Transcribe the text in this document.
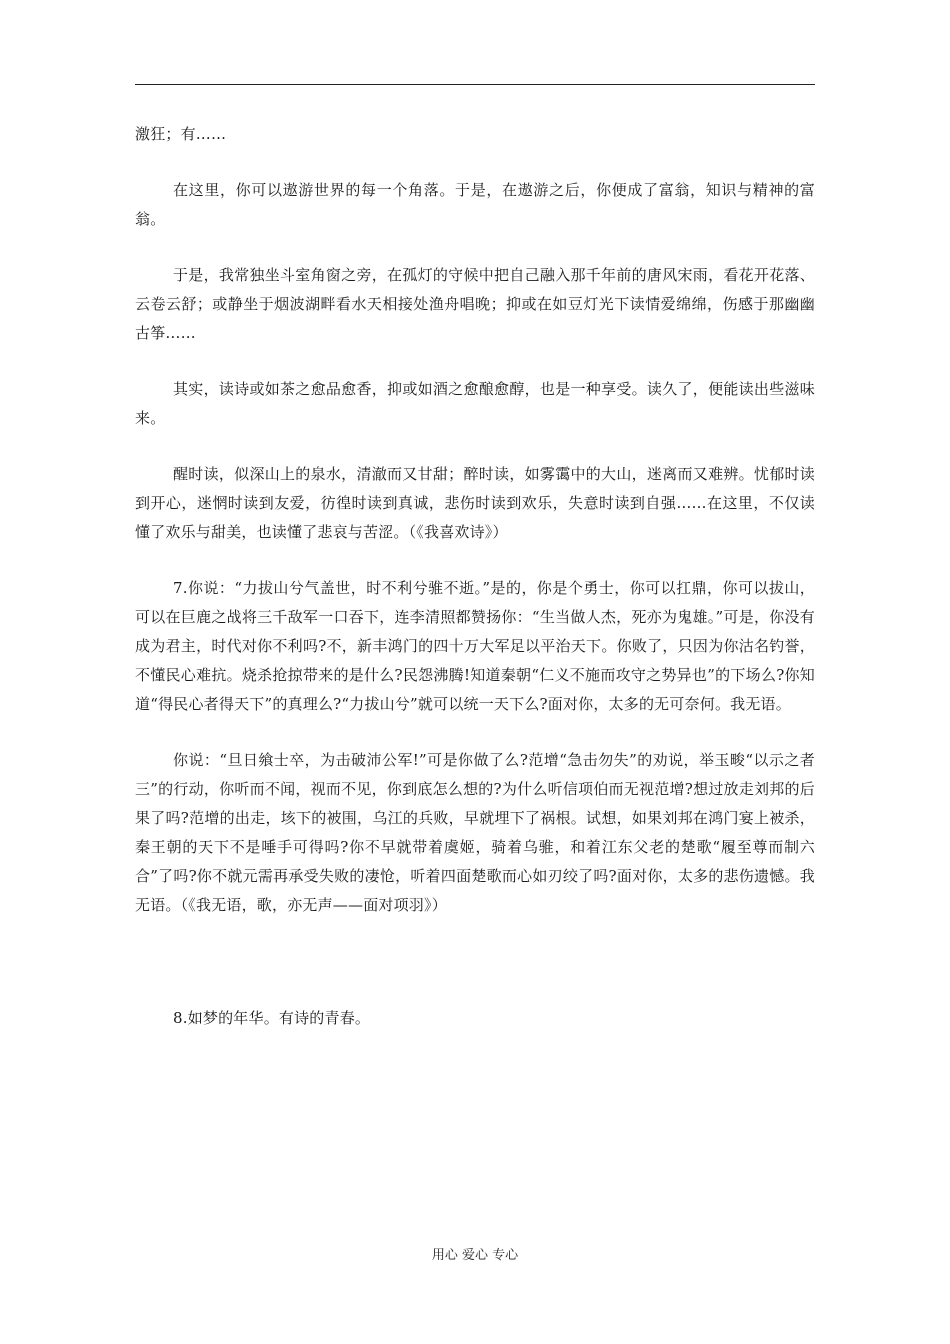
激狂；有……

在这里，你可以遨游世界的每一个角落。于是，在遨游之后，你便成了富翁，知识与精神的富翁。

于是，我常独坐斗室角窗之旁，在孤灯的守候中把自己融入那千年前的唐风宋雨，看花开花落、云卷云舒；或静坐于烟波湖畔看水天相接处渔舟唱晚；抑或在如豆灯光下读情爱绵绵，伤感于那幽幽古筝……

其实，读诗或如茶之愈品愈香，抑或如酒之愈酿愈醇，也是一种享受。读久了，便能读出些滋味来。

醒时读，似深山上的泉水，清澈而又甘甜；醉时读，如雾霭中的大山，迷离而又难辨。忧郁时读到开心，迷惘时读到友爱，彷徨时读到真诚，悲伤时读到欢乐，失意时读到自强……在这里，不仅读懂了欢乐与甜美，也读懂了悲哀与苦涩。（《我喜欢诗》）

7.你说：“力拔山兮气盖世，时不利兮骓不逝。”是的，你是个勇士，你可以扛鼎，你可以拔山，可以在巨鹿之战将三千敌军一口吞下，连李清照都赞扬你：“生当做人杰，死亦为鬼雄。”可是，你没有成为君主，时代对你不利吗?不，新丰鸿门的四十万大军足以平治天下。你败了，只因为你沽名钓誉，不懂民心难抗。烧杀抢掠带来的是什么?民怨沸腾!知道秦朝“仁义不施而攻守之势异也”的下场么?你知道“得民心者得天下”的真理么?“力拔山兮”就可以统一天下么?面对你，太多的无可奈何。我无语。

你说：“旦日飨士卒，为击破沛公军!”可是你做了么?范增“急击勿失”的劝说，举玉畯“以示之者三”的行动，你听而不闻，视而不见，你到底怎么想的?为什么听信项伯而无视范增?想过放走刘邦的后果了吗?范增的出走，垓下的被围，乌江的兵败，早就埋下了祸根。试想，如果刘邦在鸿门宴上被杀，秦王朝的天下不是唾手可得吗?你不早就带着虞姬，骑着乌骓，和着江东父老的楚歌“履至尊而制六合”了吗?你不就元需再承受失败的凄怆，听着四面楚歌而心如刃绞了吗?面对你，太多的悲伤遗憾。我无语。（《我无语，歌，亦无声——面对项羽》）

8.如梦的年华。有诗的青春。

用心 爱心 专心
